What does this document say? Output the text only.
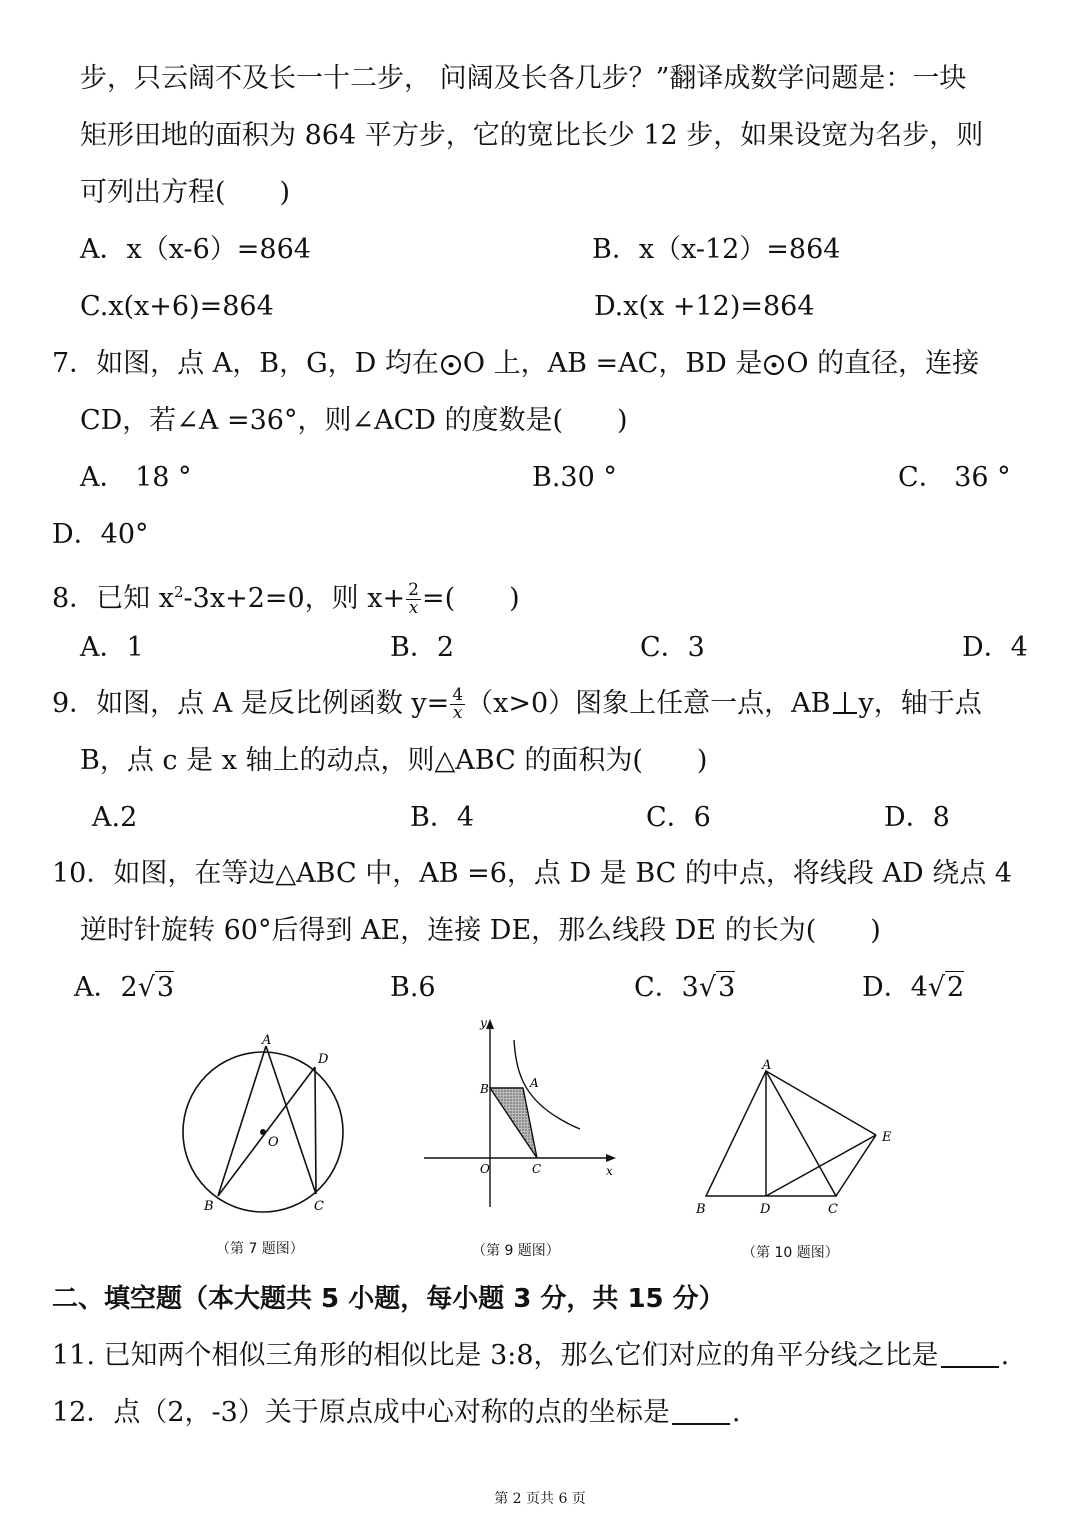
步，只云阔不及长一十二步， 问阔及长各几步？”翻译成数学问题是：一块
矩形田地的面积为 864 平方步，它的宽比长少 12 步，如果设宽为名步，则
可列出方程(　　)
A．x（x-6）=864	B．x（x-12）=864
C.x(x+6)=864	D.x(x +12)=864
7．如图，点 A，B，G，D 均在 O 上，AB =AC，BD 是 O 的直径，连接
CD，若∠A =36°，则∠ACD 的度数是(　　)
A． 18 °	B.30 °	C． 36 °
D．40°
8．已知 $x^2-3x+2=0$，则 $x+ \frac{2}{x}$ =(　　)
A．1	B．2	C．3	D．4
9．如图，点 A 是反比例函数 $y= \frac{4}{x} (x>0)$图象上任意一点，AB y，轴于点
B，点 c 是 x 轴上的动点，则△ABC 的面积为(　　)
A.2	B．4	C．6	D．8
10．如图，在等边△ABC 中，AB =6，点 D 是 BC 的中点，将线段 AD 绕点 4
逆时针旋转 60°后得到 AE，连接 DE，那么线段 DE 的长为(　　)
A．2√3	B.6	C．3√3	D．4√2
A
D
O
B	C
（第 7 题图）
y
x
O
B	A
C
（第 9 题图）
A
E
B	D	C
（第 10 题图）
二、填空题（本大题共 5 小题，每小题 3 分，共 15 分）
11. 已知两个相似三角形的相似比是 3:8，那么它们对应的角平分线之比是 .
12．点（2，-3）关于原点成中心对称的点的坐标是 .
第 2 页共 6 页
